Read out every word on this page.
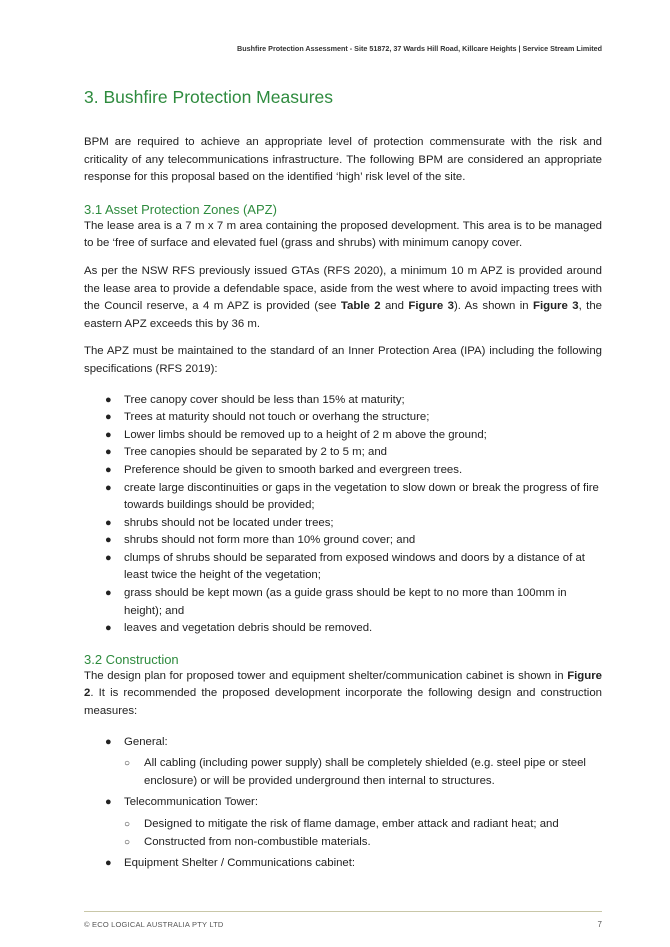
Bushfire Protection Assessment - Site 51872, 37 Wards Hill Road, Killcare Heights | Service Stream Limited
3. Bushfire Protection Measures

BPM are required to achieve an appropriate level of protection commensurate with the risk and criticality of any telecommunications infrastructure. The following BPM are considered an appropriate response for this proposal based on the identified ‘high’ risk level of the site.

3.1 Asset Protection Zones (APZ)

The lease area is a 7 m x 7 m area containing the proposed development. This area is to be managed to be ‘free of surface and elevated fuel (grass and shrubs) with minimum canopy cover.

As per the NSW RFS previously issued GTAs (RFS 2020), a minimum 10 m APZ is provided around the lease area to provide a defendable space, aside from the west where to avoid impacting trees with the Council reserve, a 4 m APZ is provided (see Table 2 and Figure 3). As shown in Figure 3, the eastern APZ exceeds this by 36 m.

The APZ must be maintained to the standard of an Inner Protection Area (IPA) including the following specifications (RFS 2019):

● Tree canopy cover should be less than 15% at maturity;
● Trees at maturity should not touch or overhang the structure;
● Lower limbs should be removed up to a height of 2 m above the ground;
● Tree canopies should be separated by 2 to 5 m; and
● Preference should be given to smooth barked and evergreen trees.
● create large discontinuities or gaps in the vegetation to slow down or break the progress of fire towards buildings should be provided;
● shrubs should not be located under trees;
● shrubs should not form more than 10% ground cover; and
● clumps of shrubs should be separated from exposed windows and doors by a distance of at least twice the height of the vegetation;
● grass should be kept mown (as a guide grass should be kept to no more than 100mm in height); and
● leaves and vegetation debris should be removed.
3.2 Construction

The design plan for proposed tower and equipment shelter/communication cabinet is shown in Figure 2. It is recommended the proposed development incorporate the following design and construction measures:

● General:
○ All cabling (including power supply) shall be completely shielded (e.g. steel pipe or steel enclosure) or will be provided underground then internal to structures.
● Telecommunication Tower:
○ Designed to mitigate the risk of flame damage, ember attack and radiant heat; and
○ Constructed from non-combustible materials.
● Equipment Shelter / Communications cabinet:
© ECO LOGICAL AUSTRALIA PTY LTD	7
